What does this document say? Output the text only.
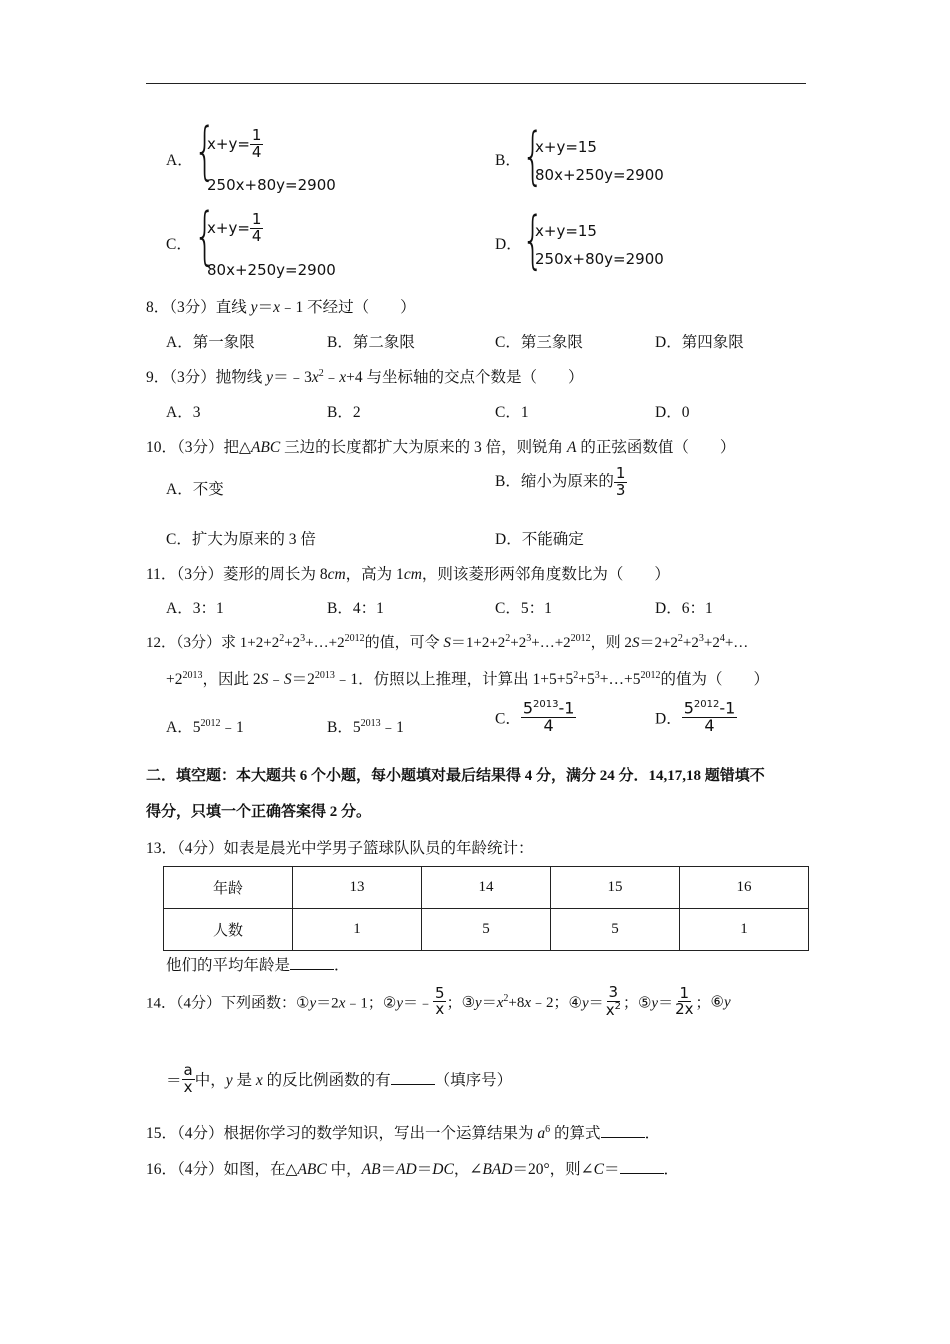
A． {
$x+y= \frac{1}{4}$
250x+80y=2900
B． {
x+y=15
80x+250y=2900
C． {
$x+y= \frac{1}{4}$
80x+250y=2900
D． {
x+y=15
250x+80y=2900
8．（3分）直线 y＝x﹣1 不经过（　　）
A．第一象限	B．第二象限	C．第三象限	D．第四象限
9．（3分）抛物线 $y=﹣3x^2﹣x+4$ 与坐标轴的交点个数是（　　）
A．3	B．2	C．1	D．0
10．（3分）把△ABC 三边的长度都扩大为原来的 3 倍，则锐角 A 的正弦函数值（　　）
A．不变	B．缩小为原来的 $\frac{1}{3}$
C．扩大为原来的 3 倍	D．不能确定
11．（3分）菱形的周长为 8cm，高为 1cm，则该菱形两邻角度数比为（　　）
A．3：1	B．4：1	C．5：1	D．6：1
12．（3分）求 $1+2+2^2+2^3+\dots+2^{2012}$的值，可令 $S=1+2+2^2+2^3+\dots+2^{2012}$，则 $2S=2+2^2+2^3+2^4+\dots$
$+2^{2013}$，因此 $2S﹣S=2^{2013}﹣1$．仿照以上推理，计算出 $1+5+5^2+5^3+\dots+5^{2012}$的值为（　　）
A．$5^{2012}﹣1$	B．$5^{2013}﹣1$
C． $\frac{5^{2013}-1}{4}$	D． $\frac{5^{2012}-1}{4}$
二．填空题：本大题共 6 个小题，每小题填对最后结果得 4 分，满分 24 分．14,17,18 题错填不
得分，只填一个正确答案得 2 分。
13．（4分）如表是晨光中学男子篮球队队员的年龄统计：
年龄	13	14	15	16
人数	1	5	5	1
他们的平均年龄是	．
14．（4分）下列函数：①y＝2x﹣1；②y＝﹣ $\frac{5}{x}$ ；$③y=x^2+8x﹣2$；④y＝ $\frac{3}{x^2}$ ；⑤y＝ $\frac{1}{2x}$ ；⑥y
＝ $\frac{a}{x}$ 中，y 是 x 的反比例函数的有	（填序号）
15．（4分）根据你学习的数学知识，写出一个运算结果为 $a^6$ 的算式	．
16．（4分）如图，在△ABC 中，AB＝AD＝DC，∠BAD＝20°，则∠C＝	．
